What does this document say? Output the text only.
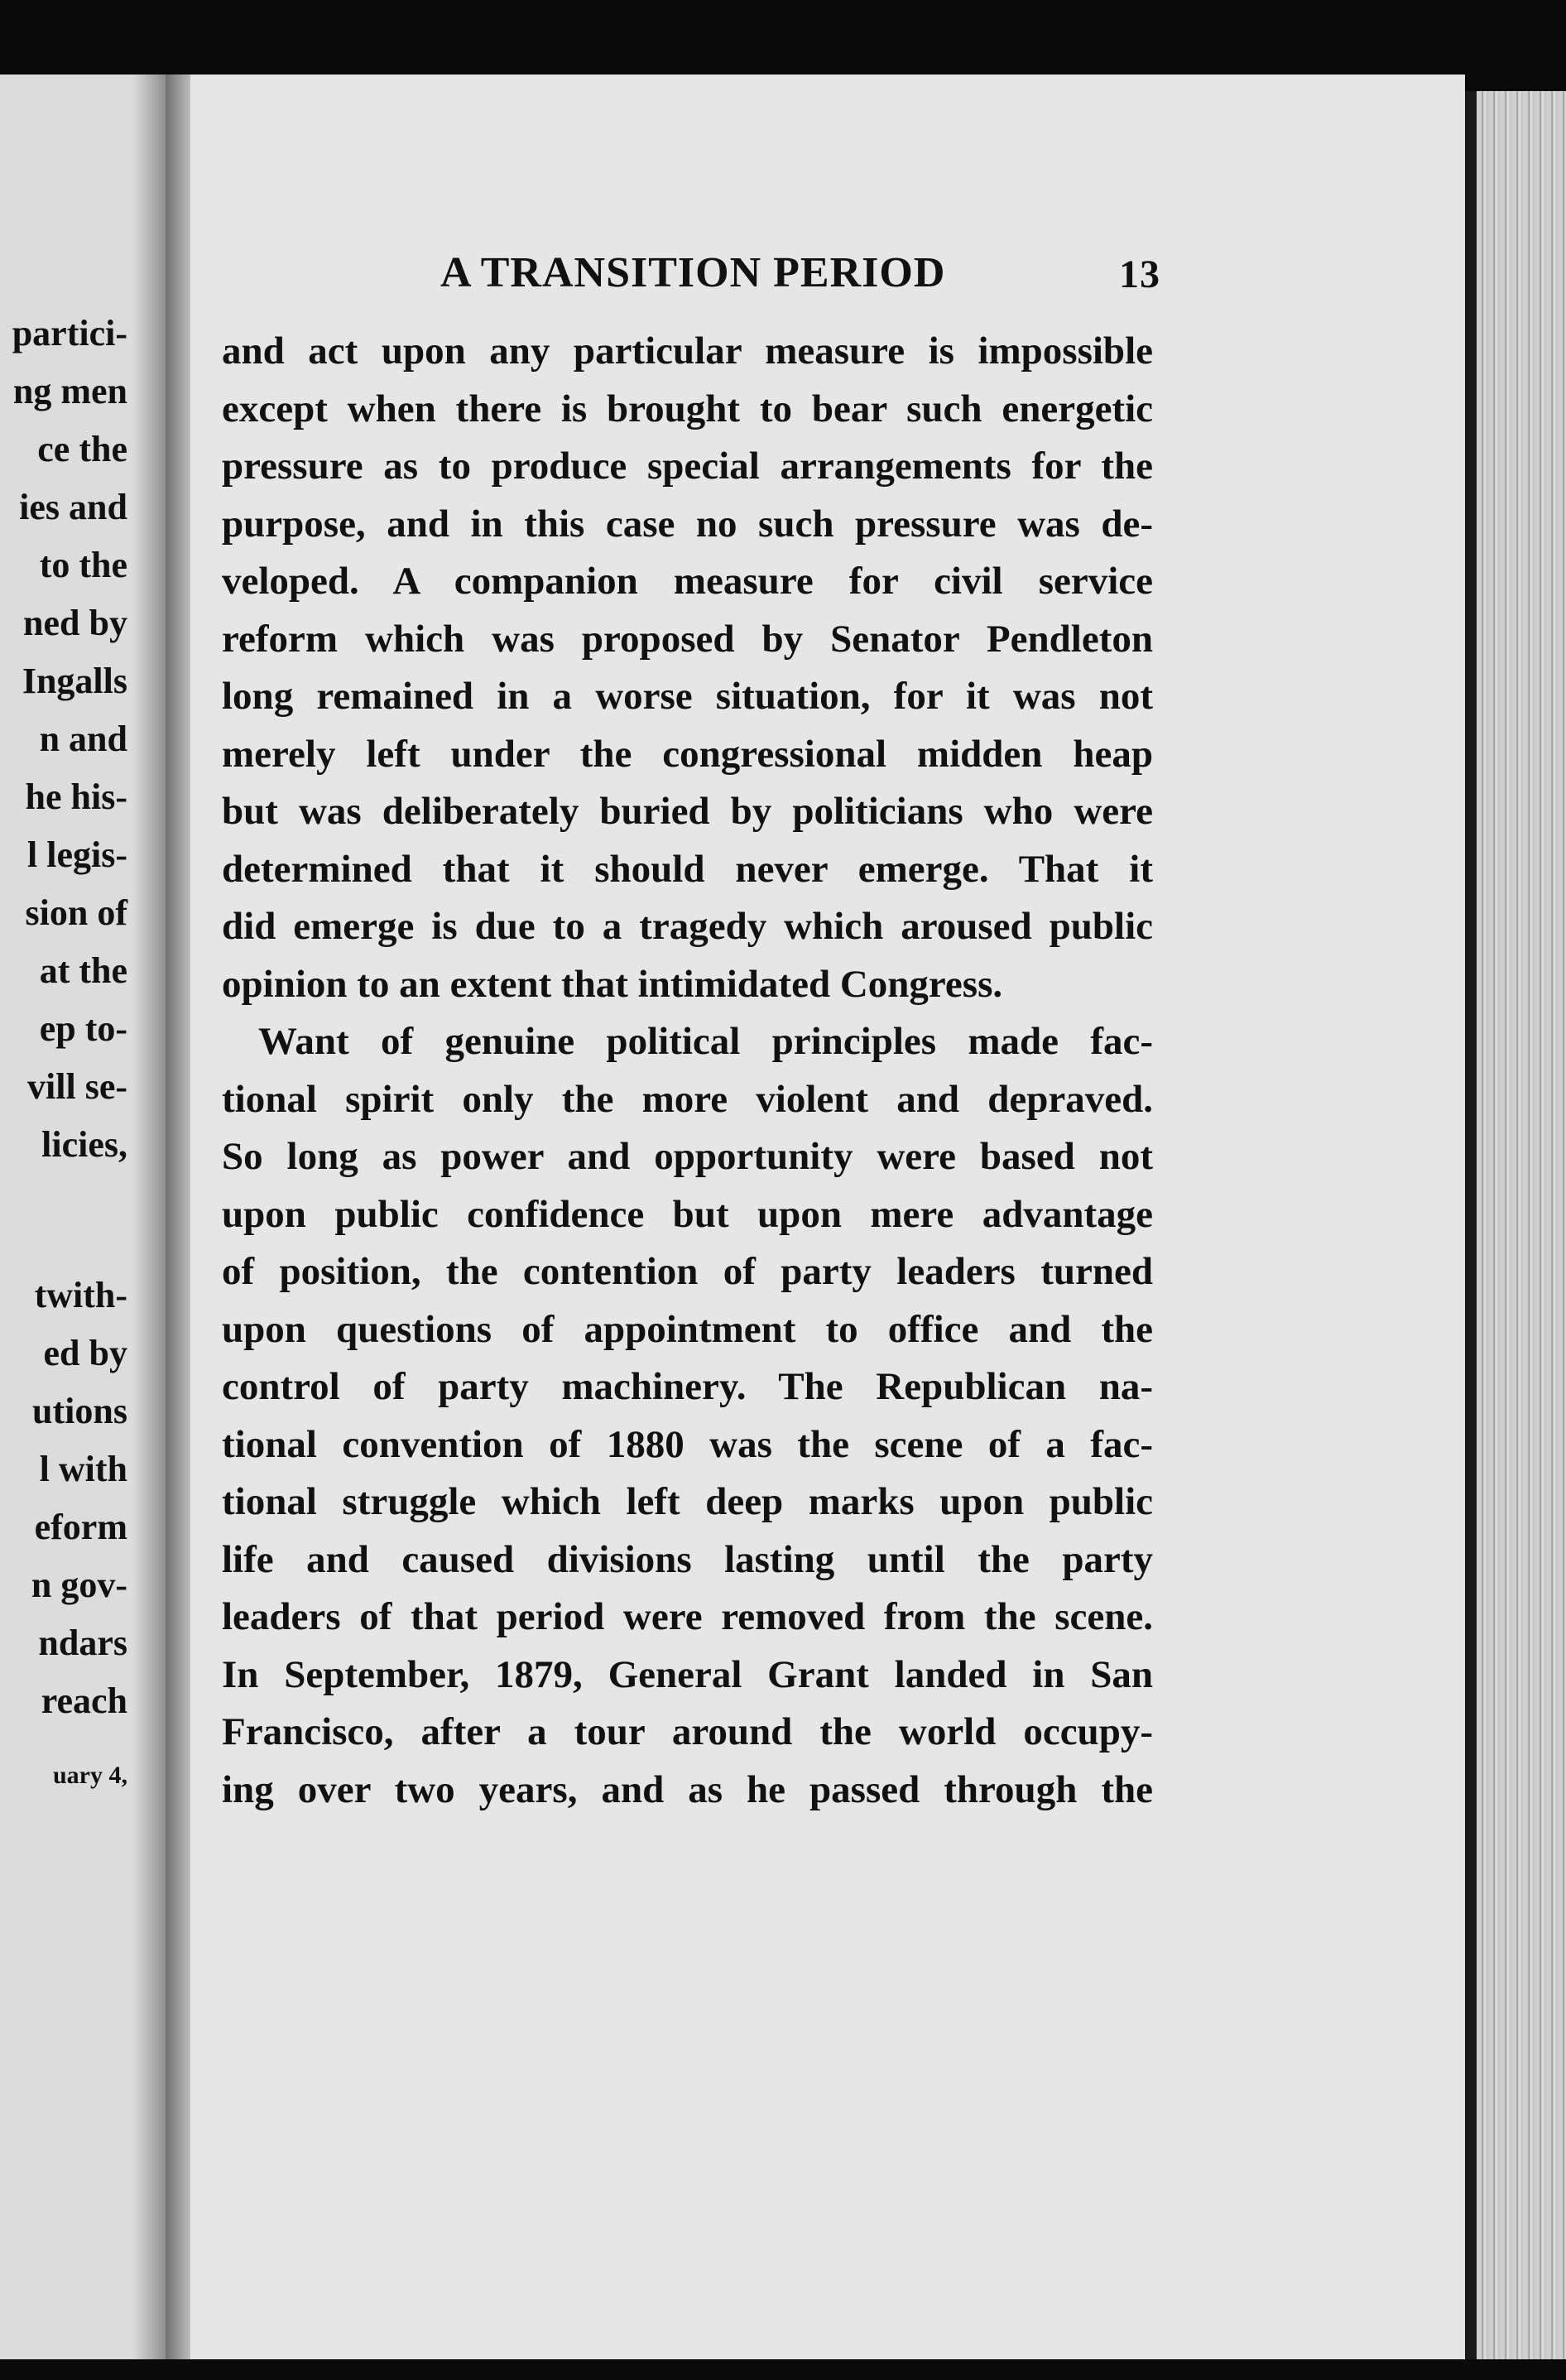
partici-
ng men
ce the
ies and
to the
ned by
Ingalls
n and
he his-
l legis-
sion of
at the
ep to-
vill se-
licies,
twith-
ed by
utions
l with
eform
n gov-
ndars
reach
uary 4,
A TRANSITION PERIOD	13
and act upon any particular measure is impossible
except when there is brought to bear such energetic
pressure as to produce special arrangements for the
purpose, and in this case no such pressure was de-
veloped. A companion measure for civil service
reform which was proposed by Senator Pendleton
long remained in a worse situation, for it was not
merely left under the congressional midden heap
but was deliberately buried by politicians who were
determined that it should never emerge. That it
did emerge is due to a tragedy which aroused public
opinion to an extent that intimidated Congress.
Want of genuine political principles made fac-
tional spirit only the more violent and depraved.
So long as power and opportunity were based not
upon public confidence but upon mere advantage
of position, the contention of party leaders turned
upon questions of appointment to office and the
control of party machinery. The Republican na-
tional convention of 1880 was the scene of a fac-
tional struggle which left deep marks upon public
life and caused divisions lasting until the party
leaders of that period were removed from the scene.
In September, 1879, General Grant landed in San
Francisco, after a tour around the world occupy-
ing over two years, and as he passed through the
